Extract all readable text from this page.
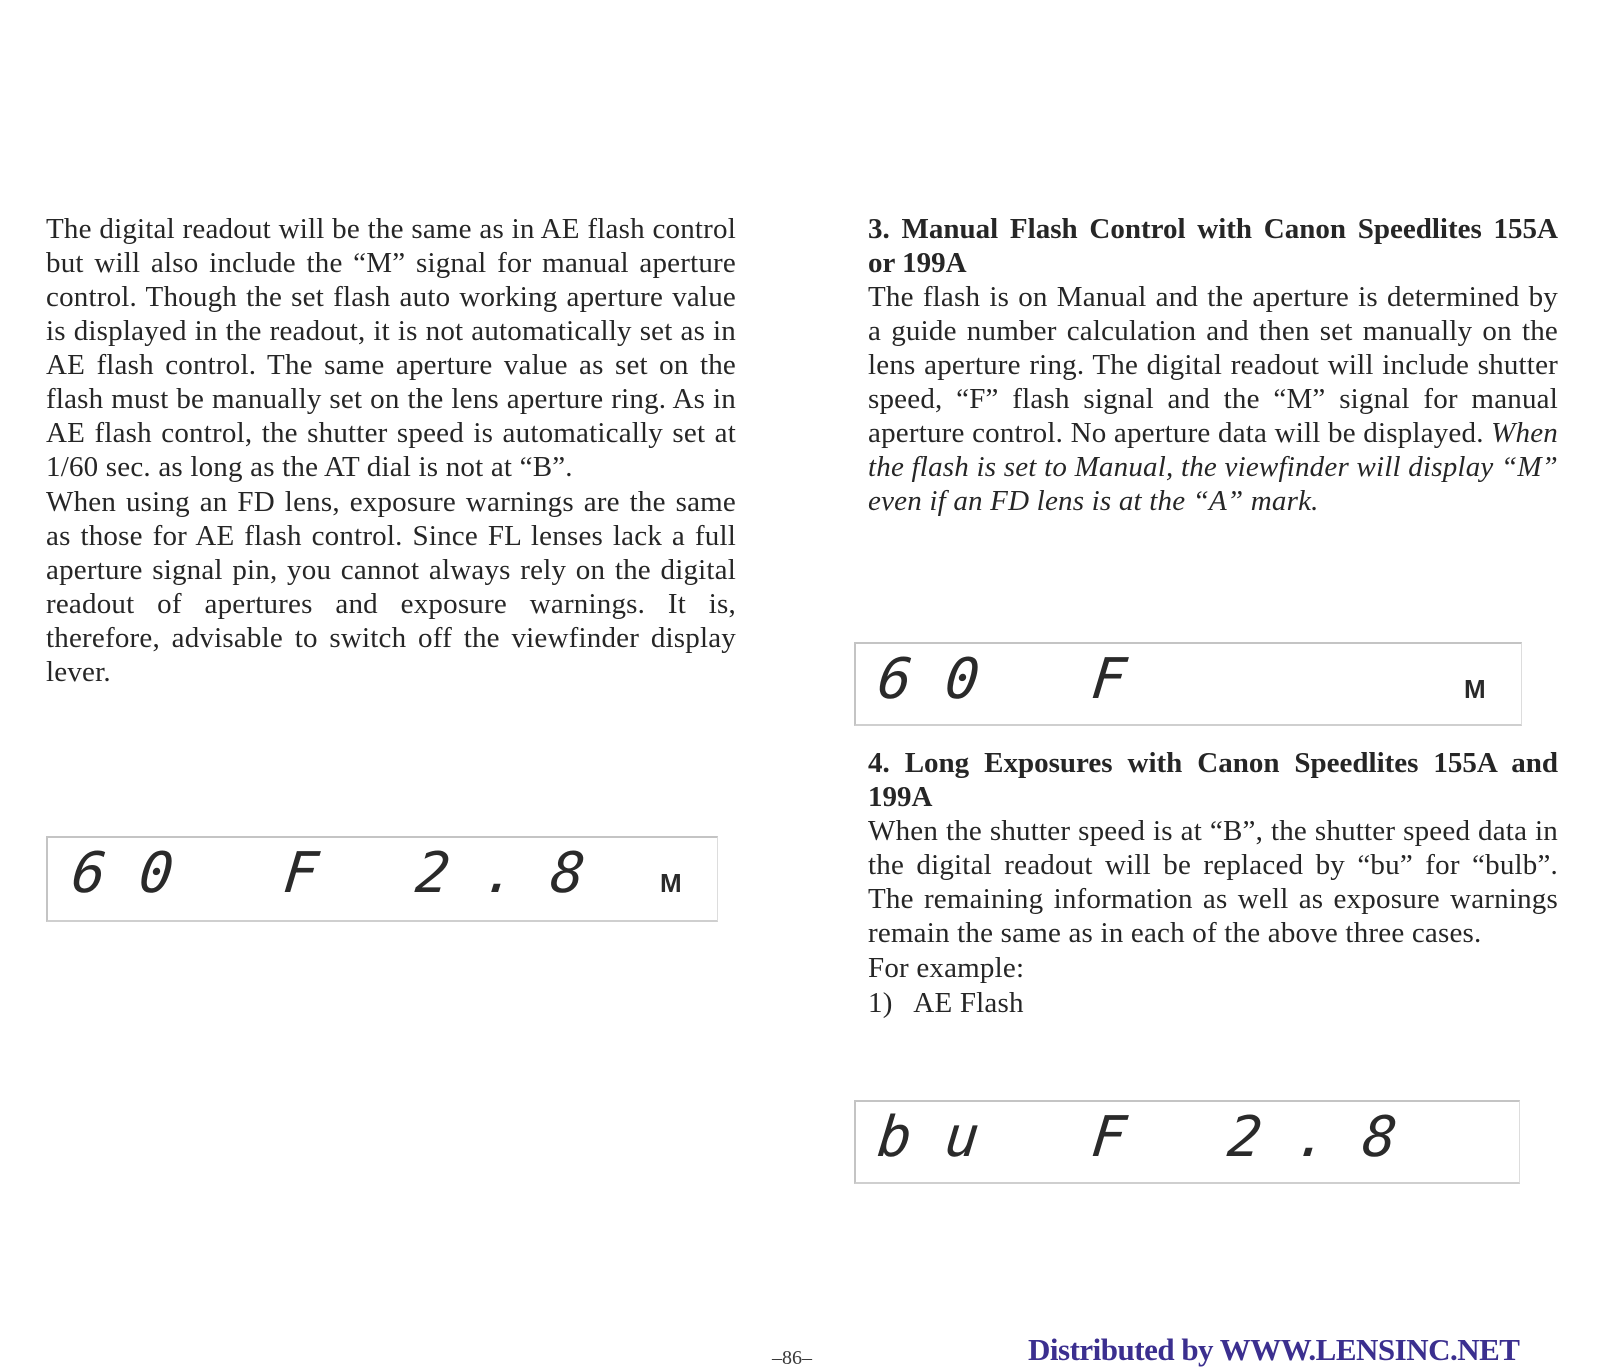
The digital readout will be the same as in AE flash control but will also include the “M” signal for manual aperture control. Though the set flash auto working aperture value is displayed in the readout, it is not automatically set as in AE flash control. The same aperture value as set on the flash must be manually set on the lens aperture ring. As in AE flash control, the shutter speed is automatically set at 1/60 sec. as long as the AT dial is not at “B”.

When using an FD lens, exposure warnings are the same as those for AE flash control. Since FL lenses lack a full aperture signal pin, you cannot always rely on the digital readout of apertures and exposure warnings. It is, therefore, advisable to switch off the viewfinder display lever.

6 0 F 2 . 8	M
3. Manual Flash Control with Canon Speedlites 155A or 199A

The flash is on Manual and the aperture is determined by a guide number calculation and then set manually on the lens aperture ring. The digital readout will include shutter speed, “F” flash signal and the “M” signal for manual aperture control. No aperture data will be displayed. When the flash is set to Manual, the viewfinder will display “M” even if an FD lens is at the “A” mark.

6 0 F	M
4. Long Exposures with Canon Speedlites 155A and 199A

When the shutter speed is at “B”, the shutter speed data in the digital readout will be replaced by “bu” for “bulb”. The remaining information as well as exposure warnings remain the same as in each of the above three cases.

For example:

1)   AE Flash

b u F 2 . 8
–86–	Distributed by WWW.LENSINC.NET
